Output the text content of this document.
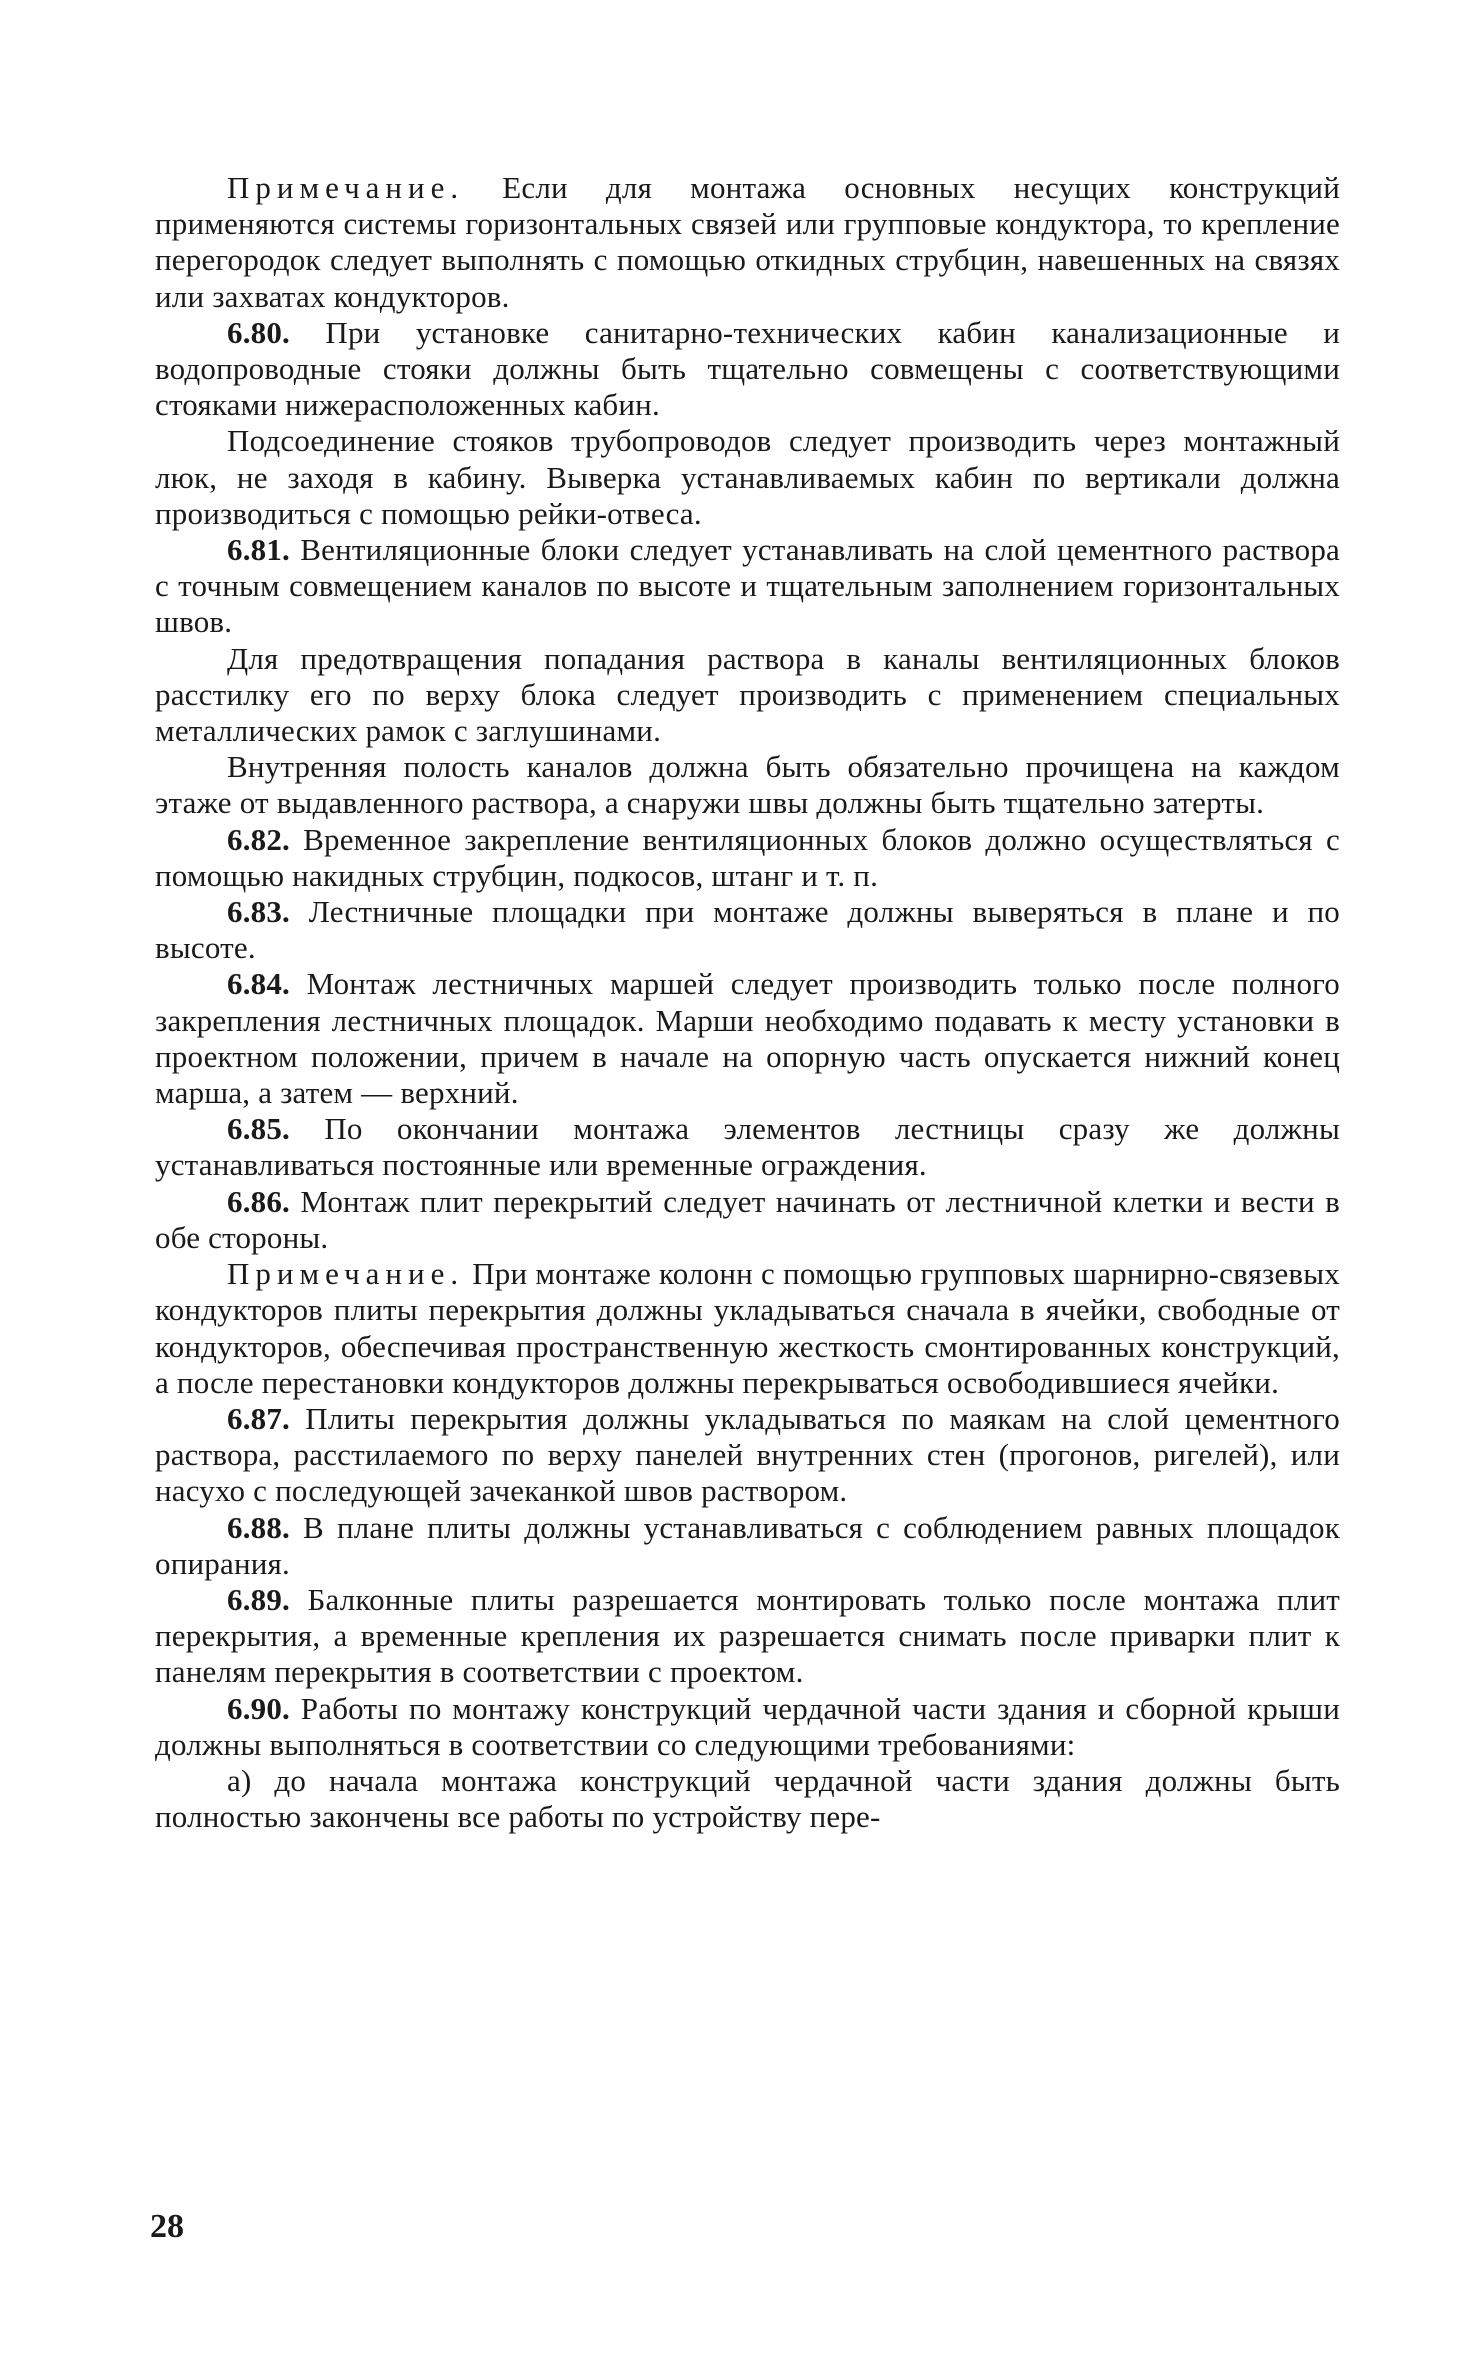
Примечание. Если для монтажа основных несущих конструкций применяются системы горизонтальных связей или групповые кондуктора, то крепление перегородок следует выполнять с помощью откидных струбцин, навешенных на связях или захватах кондукторов.

6.80. При установке санитарно-технических кабин канализационные и водопроводные стояки должны быть тщательно совмещены с соответствующими стояками нижерасположенных кабин.

Подсоединение стояков трубопроводов следует производить через монтажный люк, не заходя в кабину. Выверка устанавливаемых кабин по вертикали должна производиться с помощью рейки-отвеса.

6.81. Вентиляционные блоки следует устанавливать на слой цементного раствора с точным совмещением каналов по высоте и тщательным заполнением горизонтальных швов.

Для предотвращения попадания раствора в каналы вентиляционных блоков расстилку его по верху блока следует производить с применением специальных металлических рамок с заглушинами.

Внутренняя полость каналов должна быть обязательно прочищена на каждом этаже от выдавленного раствора, а снаружи швы должны быть тщательно затерты.

6.82. Временное закрепление вентиляционных блоков должно осуществляться с помощью накидных струбцин, подкосов, штанг и т. п.

6.83. Лестничные площадки при монтаже должны выверяться в плане и по высоте.

6.84. Монтаж лестничных маршей следует производить только после полного закрепления лестничных площадок. Марши необходимо подавать к месту установки в проектном положении, причем в начале на опорную часть опускается нижний конец марша, а затем — верхний.

6.85. По окончании монтажа элементов лестницы сразу же должны устанавливаться постоянные или временные ограждения.

6.86. Монтаж плит перекрытий следует начинать от лестничной клетки и вести в обе стороны.

Примечание. При монтаже колонн с помощью групповых шарнирно-связевых кондукторов плиты перекрытия должны укладываться сначала в ячейки, свободные от кондукторов, обеспечивая пространственную жесткость смонтированных конструкций, а после перестановки кондукторов должны перекрываться освободившиеся ячейки.

6.87. Плиты перекрытия должны укладываться по маякам на слой цементного раствора, расстилаемого по верху панелей внутренних стен (прогонов, ригелей), или насухо с последующей зачеканкой швов раствором.

6.88. В плане плиты должны устанавливаться с соблюдением равных площадок опирания.

6.89. Балконные плиты разрешается монтировать только после монтажа плит перекрытия, а временные крепления их разрешается снимать после приварки плит к панелям перекрытия в соответствии с проектом.

6.90. Работы по монтажу конструкций чердачной части здания и сборной крыши должны выполняться в соответствии со следующими требованиями:

а) до начала монтажа конструкций чердачной части здания должны быть полностью закончены все работы по устройству пере-

28
